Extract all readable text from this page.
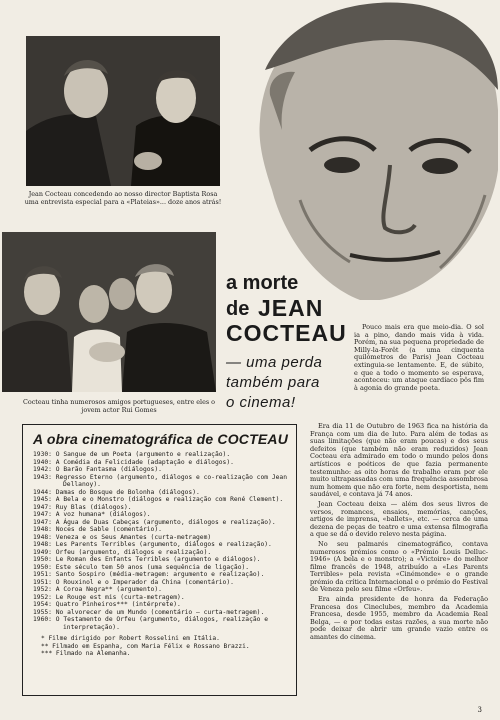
Jean Cocteau concedendo ao nosso director Baptista Rosa uma entrevista especial para a «Plateias»... doze anos atrás!
Cocteau tinha numerosos amigos portugueses, entre eles o jovem actor Rui Gomes
a morte
de JEAN
COCTEAU
— uma perda
também para
o cinema!

Pouco mais era que meio-dia. O sol ia a pino, dando mais vida à vida. Porém, na sua pequena propriedade de Milly-la-Forêt (a uma cinquenta quilómetros de Paris) Jean Cocteau extinguia-se lentamente. E, de súbito, e que a todo o momento se esperava, aconteceu: um ataque cardíaco pôs fim à agonia do grande poeta.

A obra cinematográfica de COCTEAU
1930: O Sangue de um Poeta (argumento e realização).
1940: A Comédia da Felicidade (adaptação e diálogos).
1942: O Barão Fantasma (diálogos).
1943: Regresso Eterno (argumento, diálogos e co-realização com Jean Dellanoy).
1944: Damas do Bosque de Bolonha (diálogos).
1945: A Bela e o Monstro (diálogos e realização com René Clement).
1947: Ruy Blas (diálogos).
1947: A voz humana* (diálogos).
1947: A Água de Duas Cabeças (argumento, diálogos e realização).
1948: Noces de Sable (comentário).
1948: Veneza e os Seus Amantes (curta-metragem)
1948: Les Parents Terribles (argumento, diálogos e realização).
1949: Orfeu (argumento, diálogos e realização).
1950: Le Roman des Enfants Terribles (argumento e diálogos).
1950: Este século tem 50 anos (uma sequência de ligação).
1951: Santo Sospiro (média-metragem: argumento e realização).
1951: O Rouxinol e o Imperador da China (comentário).
1952: A Coroa Negra** (argumento).
1952: Le Rouge est mis (curta-metragem).
1954: Quatro Pinheiros*** (intérprete).
1955: No alvorecer de um Mundo (comentário — curta-metragem).
1960: O Testamento de Orfeu (argumento, diálogos, realização e interpretação).
* Filme dirigido por Robert Rosselini em Itália.
** Filmado em Espanha, com Maria Félix e Rossano Brazzi.
*** Filmado na Alemanha.

Era dia 11 de Outubro de 1963 fica na história da França com um dia de luto. Para além de todas as suas limitações (que não eram poucas) e dos seus defeitos (que também não eram reduzidos) Jean Cocteau era admirado em todo o mundo pelos dons artísticos e poéticos de que fazia permanente testemunho: as oito horas de trabalho eram por ele muito ultrapassadas com uma frequência assombrosa num homem que não era forte, nem desportista, nem saudável, e contava já 74 anos.

Jean Cocteau deixa — além dos seus livros de versos, romances, ensaios, memórias, canções, artigos de imprensa, «ballets», etc. — cerca de uma dezena de peças de teatro e uma extensa filmografia a que se dá o devido relevo nesta página.

No seu palmarés cinematográfico, contava numerosos prémios como o «Prémio Louis Delluc-1946» (A bela e o monstro); a «Victoire» do melhor filme francês de 1948, atribuído a «Les Parents Terribles» pela revista «Cinémonde» e o grande prémio da crítica Internacional e o prémio do Festival de Veneza pelo seu filme «Orfeu».

Era ainda presidente de honra da Federação Francesa dos Cineclubes, membro da Academia Francesa, desde 1955, membro da Academia Real Belga, — e por todas estas razões, a sua morte não pode deixar de abrir um grande vazio entre os amantes do cinema.

3
